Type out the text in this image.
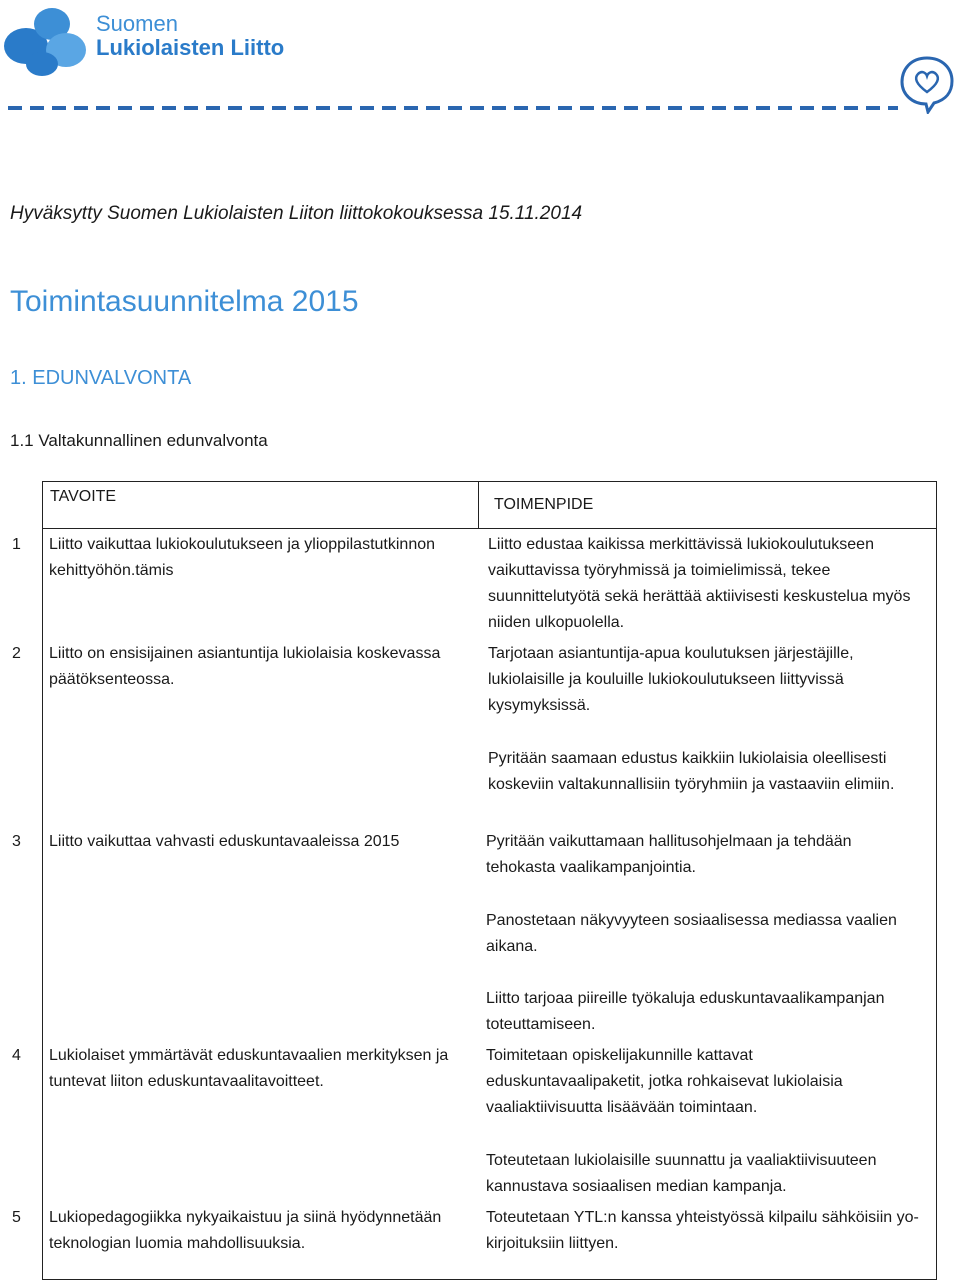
Suomen
Lukiolaisten Liitto
Hyväksytty Suomen Lukiolaisten Liiton liittokokouksessa 15.11.2014
Toimintasuunnitelma 2015
1. EDUNVALVONTA
1.1 Valtakunnallinen edunvalvonta
TAVOITE	TOIMENPIDE
1 Liitto vaikuttaa lukiokoulutukseen ja ylioppilastutkinnon kehittyöhön.tämis
Liitto edustaa kaikissa merkittävissä lukiokoulutukseen vaikuttavissa työryhmissä ja toimielimissä, tekee suunnittelutyötä sekä herättää aktiivisesti keskustelua myös niiden ulkopuolella.
2 Liitto on ensisijainen asiantuntija lukiolaisia koskevassa päätöksenteossa.
Tarjotaan asiantuntija-apua koulutuksen järjestäjille, lukiolaisille ja kouluille lukiokoulutukseen liittyvissä kysymyksissä.
Pyritään saamaan edustus kaikkiin lukiolaisia oleellisesti koskeviin valtakunnallisiin työryhmiin ja vastaaviin elimiin.
3 Liitto vaikuttaa vahvasti eduskuntavaaleissa 2015	Pyritään vaikuttamaan hallitusohjelmaan ja tehdään tehokasta vaalikampanjointia.
Panostetaan näkyvyyteen sosiaalisessa mediassa vaalien aikana.
Liitto tarjoaa piireille työkaluja eduskuntavaalikampanjan toteuttamiseen.
4 Lukiolaiset ymmärtävät eduskuntavaalien merkityksen ja tuntevat liiton eduskuntavaalitavoitteet.
Toimitetaan opiskelijakunnille kattavat eduskuntavaalipaketit, jotka rohkaisevat lukiolaisia vaaliaktiivisuutta lisäävään toimintaan.
Toteutetaan lukiolaisille suunnattu ja vaaliaktiivisuuteen kannustava sosiaalisen median kampanja.
5 Lukiopedagogiikka nykyaikaistuu ja siinä hyödynnetään teknologian luomia mahdollisuuksia.
Toteutetaan YTL:n kanssa yhteistyössä kilpailu sähköisiin yo-kirjoituksiin liittyen.
